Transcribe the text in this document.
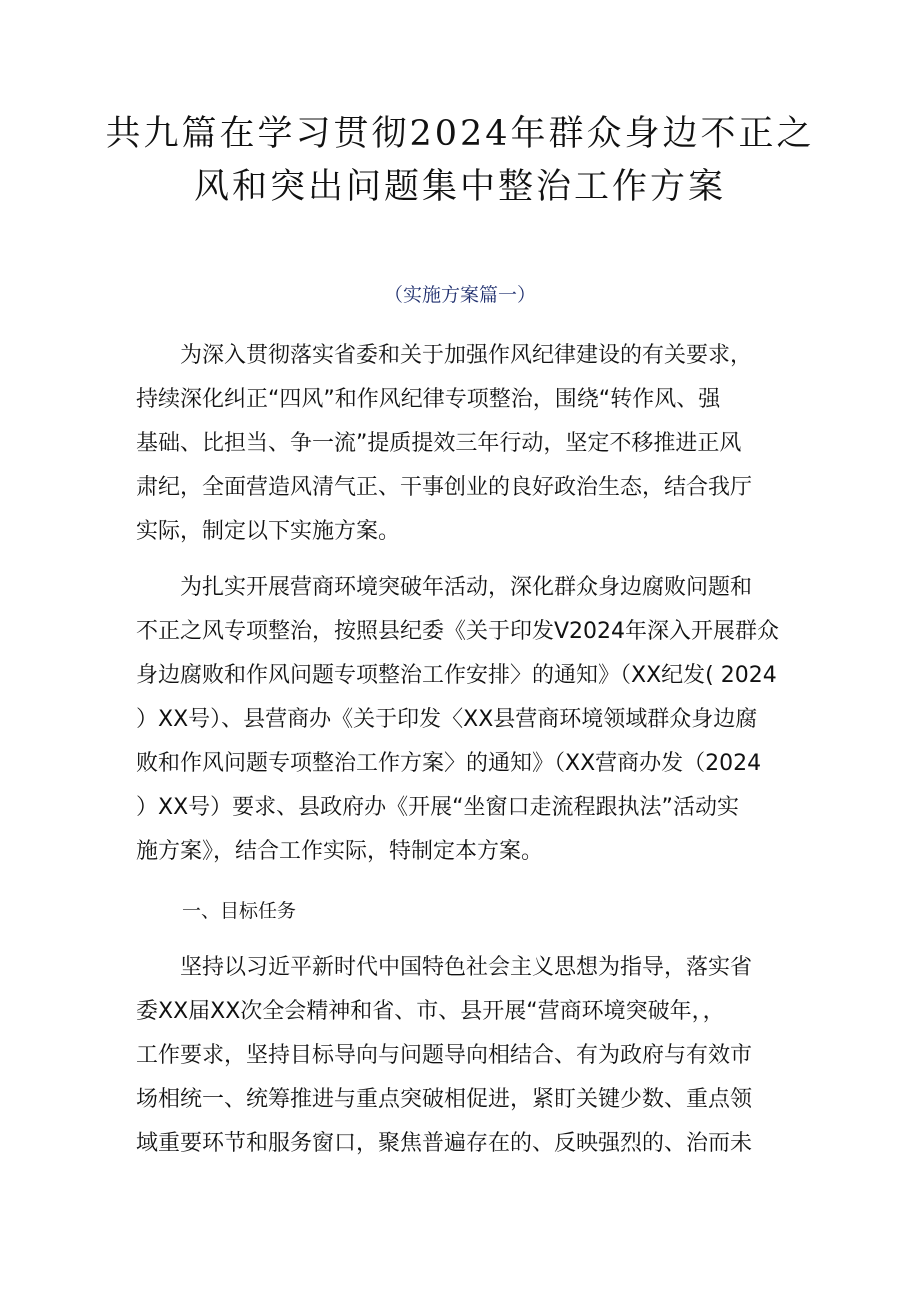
共九篇在学习贯彻2024年群众身边不正之
风和突出问题集中整治工作方案
（实施方案篇一）
　　为深入贯彻落实省委和关于加强作风纪律建设的有关要求，
持续深化纠正“四风”和作风纪律专项整治，围绕“转作风、强
基础、比担当、争一流”提质提效三年行动，坚定不移推进正风
肃纪，全面营造风清气正、干事创业的良好政治生态，结合我厅
实际，制定以下实施方案。
　　为扎实开展营商环境突破年活动，深化群众身边腐败问题和
不正之风专项整治，按照县纪委《关于印发V2024年深入开展群众
身边腐败和作风问题专项整治工作安排〉的通知》（XX纪发( 2024
）XX号）、县营商办《关于印发〈XX县营商环境领域群众身边腐
败和作风问题专项整治工作方案〉的通知》（XX营商办发（2024
）XX号）要求、县政府办《开展“坐窗口走流程跟执法”活动实
施方案》，结合工作实际，特制定本方案。
一、目标任务
　　坚持以习近平新时代中国特色社会主义思想为指导，落实省
委XX届XX次全会精神和省、市、县开展“营商环境突破年，，
工作要求，坚持目标导向与问题导向相结合、有为政府与有效市
场相统一、统筹推进与重点突破相促进，紧盯关键少数、重点领
域重要环节和服务窗口，聚焦普遍存在的、反映强烈的、治而未
